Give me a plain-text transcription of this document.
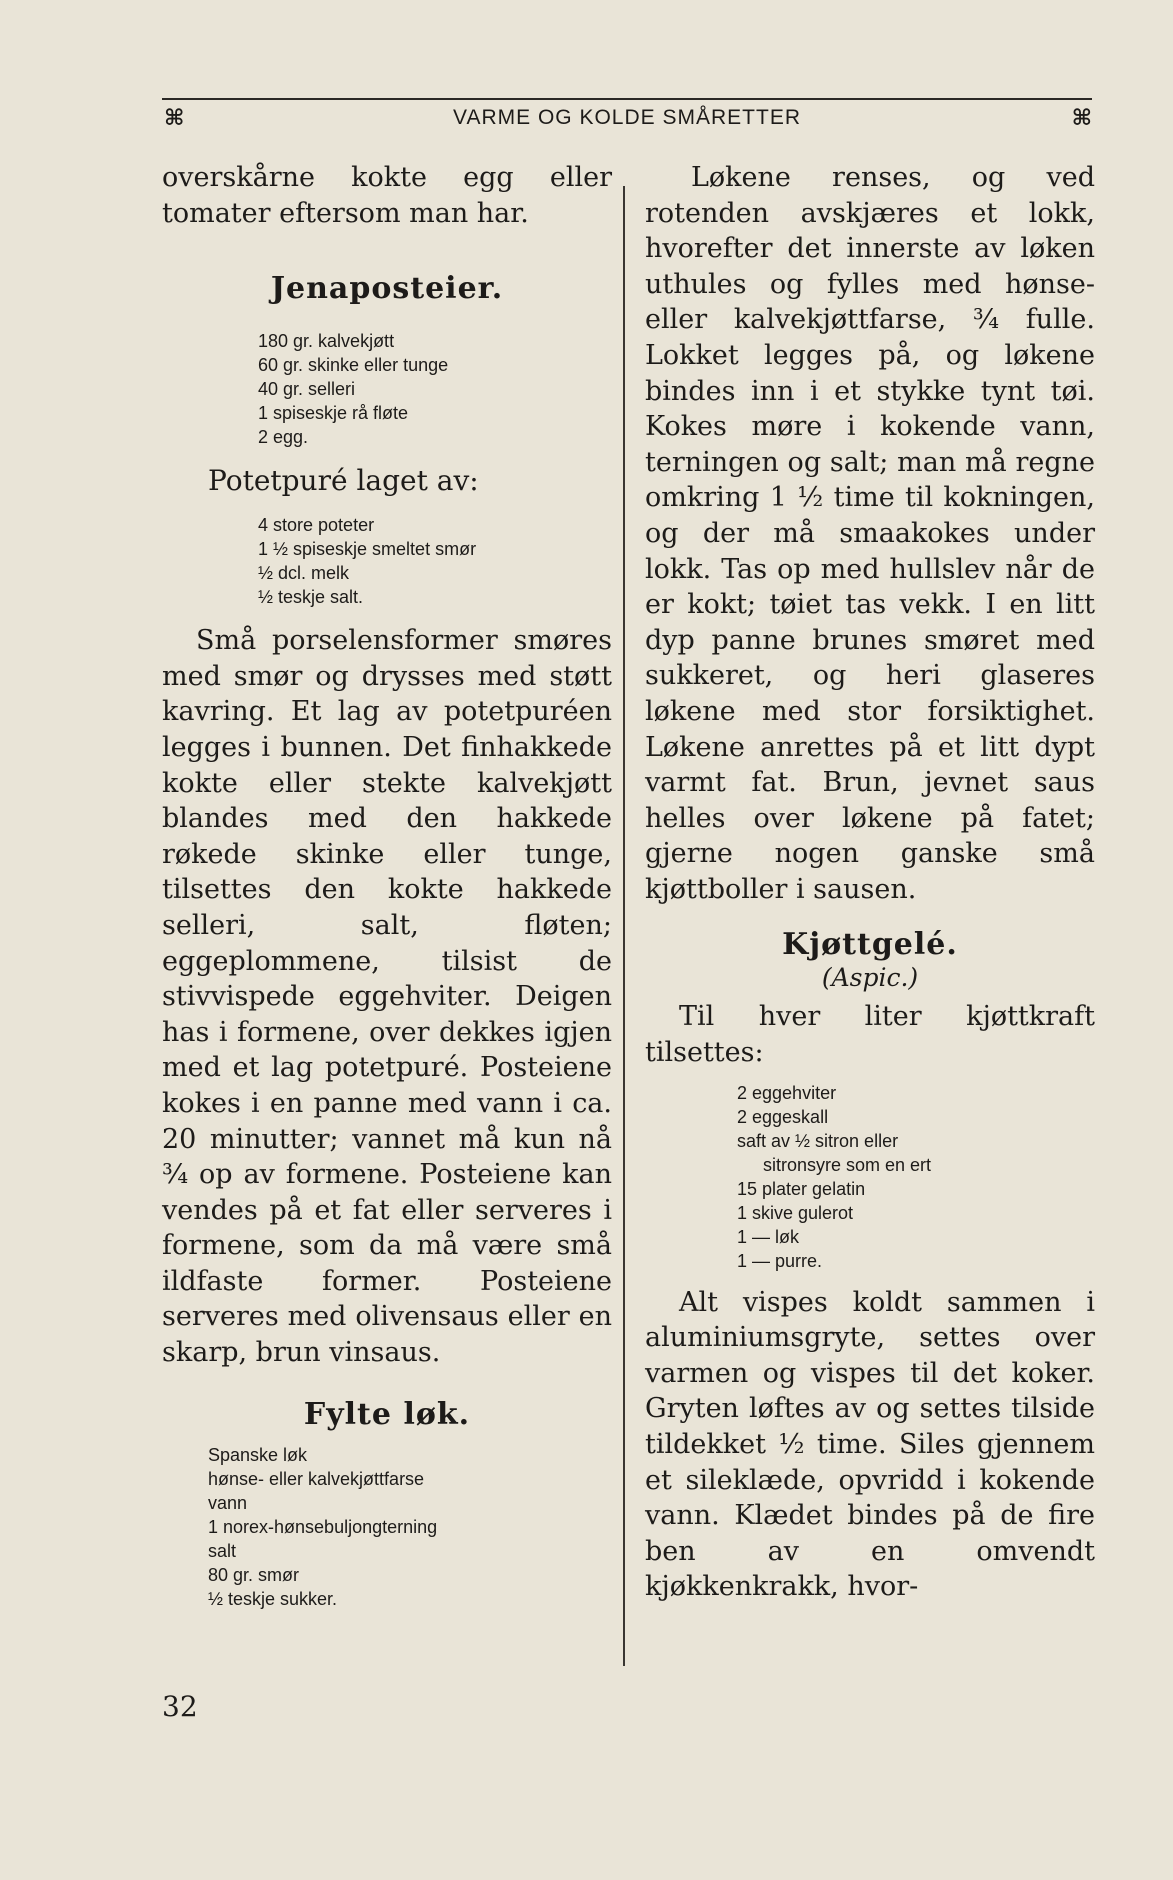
⌘	VARME OG KOLDE SMÅRETTER	⌘

overskårne kokte egg eller tomater eftersom man har.

Jenaposteier.
180 gr. kalvekjøtt
60 gr. skinke eller tunge
40 gr. selleri
1 spiseskje rå fløte
2 egg.

Potetpuré laget av:

4 store poteter
1 ½ spiseskje smeltet smør
½ dcl. melk
½ teskje salt.

Små porselensformer smøres med smør og drysses med støtt kavring. Et lag av potetpuréen legges i bunnen. Det finhakkede kokte eller stekte kalvekjøtt blandes med den hakkede røkede skinke eller tunge, tilsettes den kokte hakkede selleri, salt, fløten; eggeplommene, tilsist de stivvispede eggehviter. Deigen has i formene, over dekkes igjen med et lag potetpuré. Posteiene kokes i en panne med vann i ca. 20 minutter; vannet må kun nå ¾ op av formene. Posteiene kan vendes på et fat eller serveres i formene, som da må være små ildfaste former. Posteiene serveres med olivensaus eller en skarp, brun vinsaus.

Fylte løk.
Spanske løk
hønse- eller kalvekjøttfarse
vann
1 norex-hønsebuljongterning
salt
80 gr. smør
½ teskje sukker.

Løkene renses, og ved rotenden avskjæres et lokk, hvorefter det innerste av løken uthules og fylles med hønse- eller kalvekjøttfarse, ¾ fulle. Lokket legges på, og løkene bindes inn i et stykke tynt tøi. Kokes møre i kokende vann, terningen og salt; man må regne omkring 1 ½ time til kokningen, og der må smaakokes under lokk. Tas op med hullslev når de er kokt; tøiet tas vekk. I en litt dyp panne brunes smøret med sukkeret, og heri glaseres løkene med stor forsiktighet. Løkene anrettes på et litt dypt varmt fat. Brun, jevnet saus helles over løkene på fatet; gjerne nogen ganske små kjøttboller i sausen.

Kjøttgelé.

(Aspic.)

Til hver liter kjøttkraft tilsettes:

2 eggehviter
2 eggeskall
saft av ½ sitron eller
sitronsyre som en ert
15 plater gelatin
1 skive gulerot
1 — løk
1 — purre.

Alt vispes koldt sammen i aluminiumsgryte, settes over varmen og vispes til det koker. Gryten løftes av og settes tilside tildekket ½ time. Siles gjennem et sileklæde, opvridd i kokende vann. Klædet bindes på de fire ben av en omvendt kjøkkenkrakk, hvor-

32
